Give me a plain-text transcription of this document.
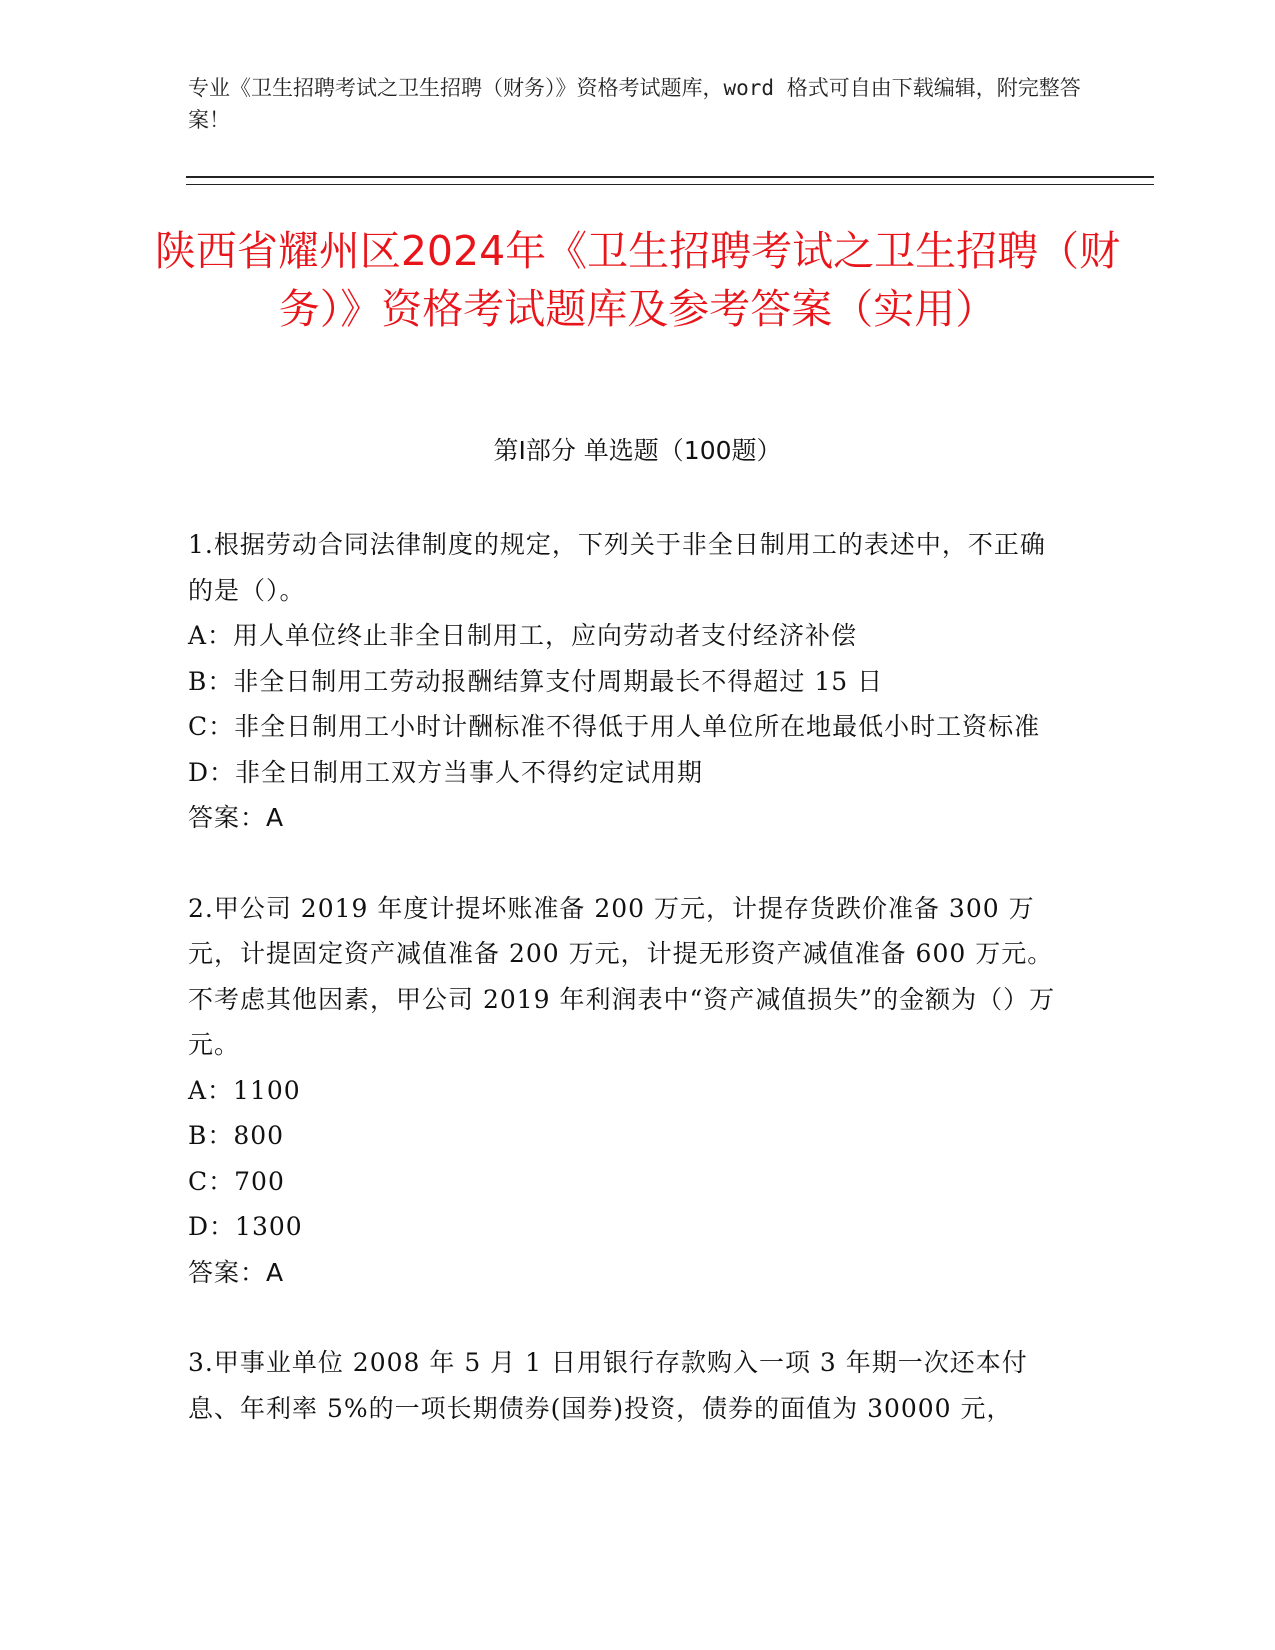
专业《卫生招聘考试之卫生招聘（财务）》资格考试题库，word 格式可自由下载编辑，附完整答案！
陕西省耀州区2024年《卫生招聘考试之卫生招聘（财务）》资格考试题库及参考答案（实用）
第Ⅰ部分 单选题（100题）

1.根据劳动合同法律制度的规定，下列关于非全日制用工的表述中，不正确的是（）。

A：用人单位终止非全日制用工，应向劳动者支付经济补偿

B：非全日制用工劳动报酬结算支付周期最长不得超过 15 日

C：非全日制用工小时计酬标准不得低于用人单位所在地最低小时工资标准

D：非全日制用工双方当事人不得约定试用期

答案：A

2.甲公司 2019 年度计提坏账准备 200 万元，计提存货跌价准备 300 万元，计提固定资产减值准备 200 万元，计提无形资产减值准备 600 万元。不考虑其他因素，甲公司 2019 年利润表中“资产减值损失”的金额为（）万元。

A：1100

B：800

C：700

D：1300

答案：A

3.甲事业单位 2008 年 5 月 1 日用银行存款购入一项 3 年期一次还本付息、年利率 5%的一项长期债券(国券)投资，债券的面值为 30000 元，
